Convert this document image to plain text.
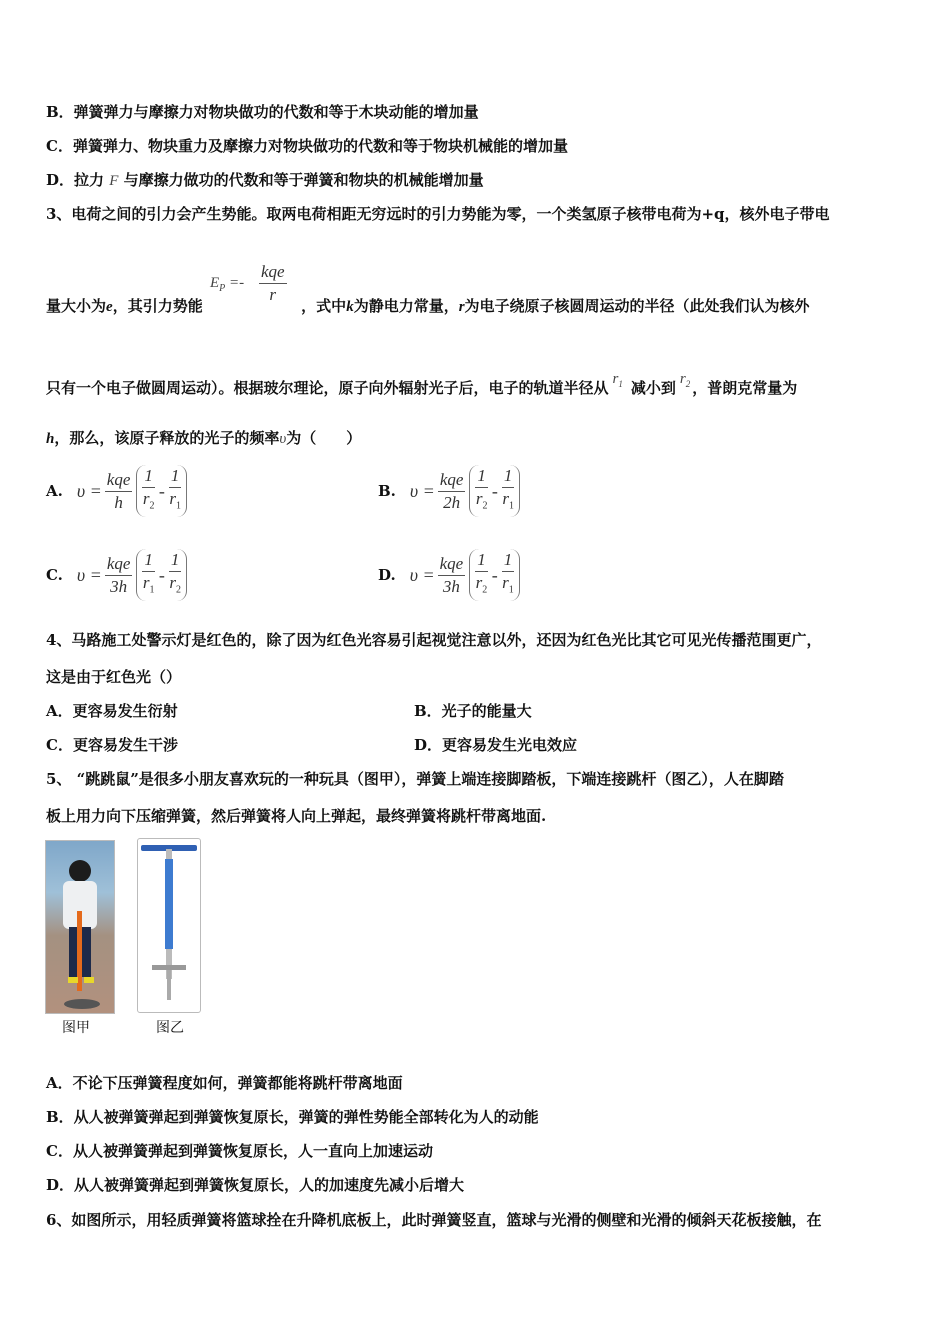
B．弹簧弹力与摩擦力对物块做功的代数和等于木块动能的增加量
C．弹簧弹力、物块重力及摩擦力对物块做功的代数和等于物块机械能的增加量
D．拉力 F 与摩擦力做功的代数和等于弹簧和物块的机械能增加量
3、电荷之间的引力会产生势能。取两电荷相距无穷远时的引力势能为零，一个类氢原子核带电荷为+q，核外电子带电
量大小为e，其引力势能
$E_P$ =-
kqe
r
，式中k为静电力常量，r为电子绕原子核圆周运动的半径（此处我们认为核外
只有一个电子做圆周运动）。根据玻尔理论，原子向外辐射光子后，电子的轨道半径从 $r_1$ 减小到 $r_2$ ，普朗克常量为
h，那么，该原子释放的光子的频率υ为（　　）
A. $\upsilon = \frac{\text{kqe}}{h} \frac{1}{r_2} - \frac{1}{r_1}$	B. $\upsilon = \frac{\text{kqe}}{2h} \frac{1}{r_2} - \frac{1}{r_1}$
C. $\upsilon = \frac{\text{kqe}}{3h} \frac{1}{r_1} - \frac{1}{r_2}$	D. $\upsilon = \frac{\text{kqe}}{3h} \frac{1}{r_2} - \frac{1}{r_1}$
4、马路施工处警示灯是红色的，除了因为红色光容易引起视觉注意以外，还因为红色光比其它可见光传播范围更广，
这是由于红色光（）
A．更容易发生衍射	B．光子的能量大
C．更容易发生干涉	D．更容易发生光电效应
5、 “跳跳鼠”是很多小朋友喜欢玩的一种玩具（图甲），弹簧上端连接脚踏板，下端连接跳杆（图乙），人在脚踏
板上用力向下压缩弹簧，然后弹簧将人向上弹起，最终弹簧将跳杆带离地面.
图甲	图乙
A．不论下压弹簧程度如何，弹簧都能将跳杆带离地面
B．从人被弹簧弹起到弹簧恢复原长，弹簧的弹性势能全部转化为人的动能
C．从人被弹簧弹起到弹簧恢复原长，人一直向上加速运动
D．从人被弹簧弹起到弹簧恢复原长，人的加速度先减小后增大
6、如图所示，用轻质弹簧将篮球拴在升降机底板上，此时弹簧竖直，篮球与光滑的侧壁和光滑的倾斜天花板接触，在
